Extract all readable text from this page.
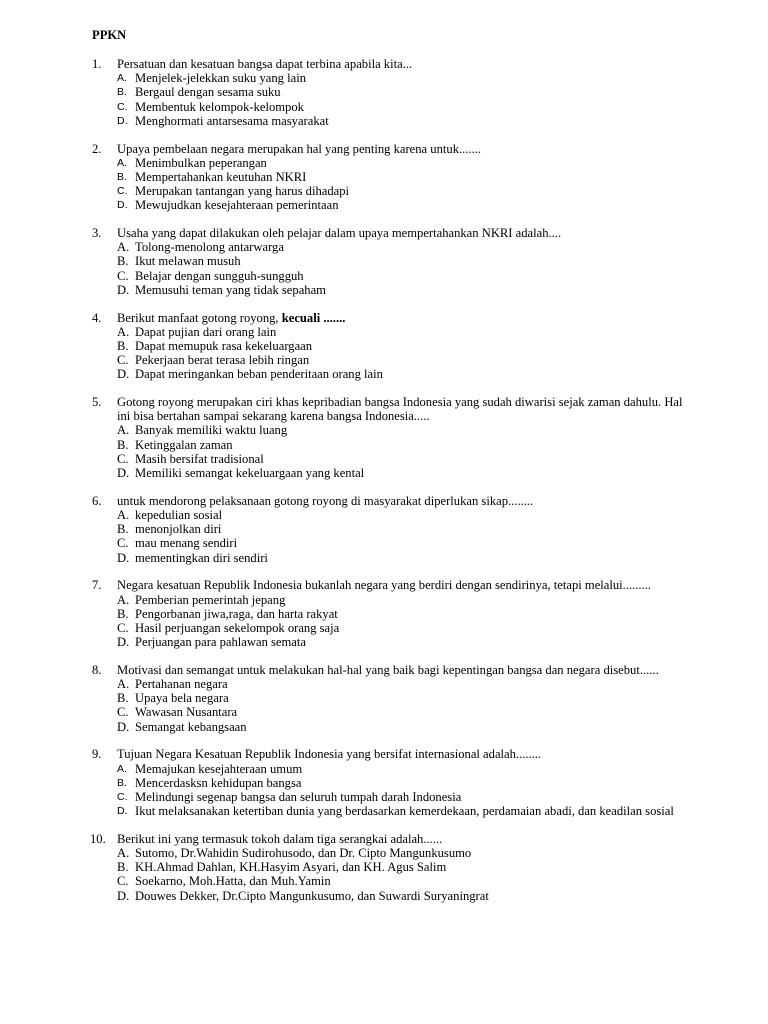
PPKN
1.	Persatuan dan kesatuan bangsa dapat terbina apabila kita...
A. Menjelek-jelekkan suku yang lain
B. Bergaul dengan sesama suku
C. Membentuk kelompok-kelompok
D. Menghormati antarsesama masyarakat
2.	Upaya pembelaan negara merupakan hal yang penting karena untuk.......
A. Menimbulkan peperangan
B. Mempertahankan keutuhan NKRI
C. Merupakan tantangan yang harus dihadapi
D. Mewujudkan kesejahteraan pemerintaan
3.	Usaha yang dapat dilakukan oleh pelajar dalam upaya mempertahankan NKRI adalah....
A. Tolong-menolong antarwarga
B. Ikut melawan musuh
C. Belajar dengan sungguh-sungguh
D. Memusuhi teman yang tidak sepaham
4.	Berikut manfaat gotong royong, kecuali .......
A. Dapat pujian dari orang lain
B. Dapat memupuk rasa kekeluargaan
C. Pekerjaan berat terasa lebih ringan
D. Dapat meringankan beban penderitaan orang lain
5.	Gotong royong merupakan ciri khas kepribadian bangsa Indonesia yang sudah diwarisi sejak zaman dahulu. Hal ini bisa bertahan sampai sekarang karena bangsa Indonesia.....
A. Banyak memiliki waktu luang
B. Ketinggalan zaman
C. Masih bersifat tradisional
D. Memiliki semangat kekeluargaan yang kental
6.	untuk mendorong pelaksanaan gotong royong di masyarakat diperlukan sikap........
A. kepedulian sosial
B. menonjolkan diri
C. mau menang sendiri
D. mementingkan diri sendiri
7.	Negara kesatuan Republik Indonesia bukanlah negara yang berdiri dengan sendirinya, tetapi melalui.........
A. Pemberian pemerintah jepang
B. Pengorbanan jiwa,raga, dan harta rakyat
C. Hasil perjuangan sekelompok orang saja
D. Perjuangan para pahlawan semata
8.	Motivasi dan semangat untuk melakukan hal-hal yang baik bagi kepentingan bangsa dan negara disebut......
A. Pertahanan negara
B. Upaya bela negara
C. Wawasan Nusantara
D. Semangat kebangsaan
9.	Tujuan Negara Kesatuan Republik Indonesia yang bersifat internasional adalah........
A. Memajukan kesejahteraan umum
B. Mencerdasksn kehidupan bangsa
C. Melindungi segenap bangsa dan seluruh tumpah darah Indonesia
D. Ikut melaksanakan ketertiban dunia yang berdasarkan kemerdekaan, perdamaian abadi, dan keadilan sosial
10. Berikut ini yang termasuk tokoh dalam tiga serangkai adalah......
A. Sutomo, Dr.Wahidin Sudirohusodo, dan Dr. Cipto Mangunkusumo
B. KH.Ahmad Dahlan, KH.Hasyim Asyari, dan KH. Agus Salim
C. Soekarno, Moh.Hatta, dan Muh.Yamin
D. Douwes Dekker, Dr.Cipto Mangunkusumo, dan Suwardi Suryaningrat
